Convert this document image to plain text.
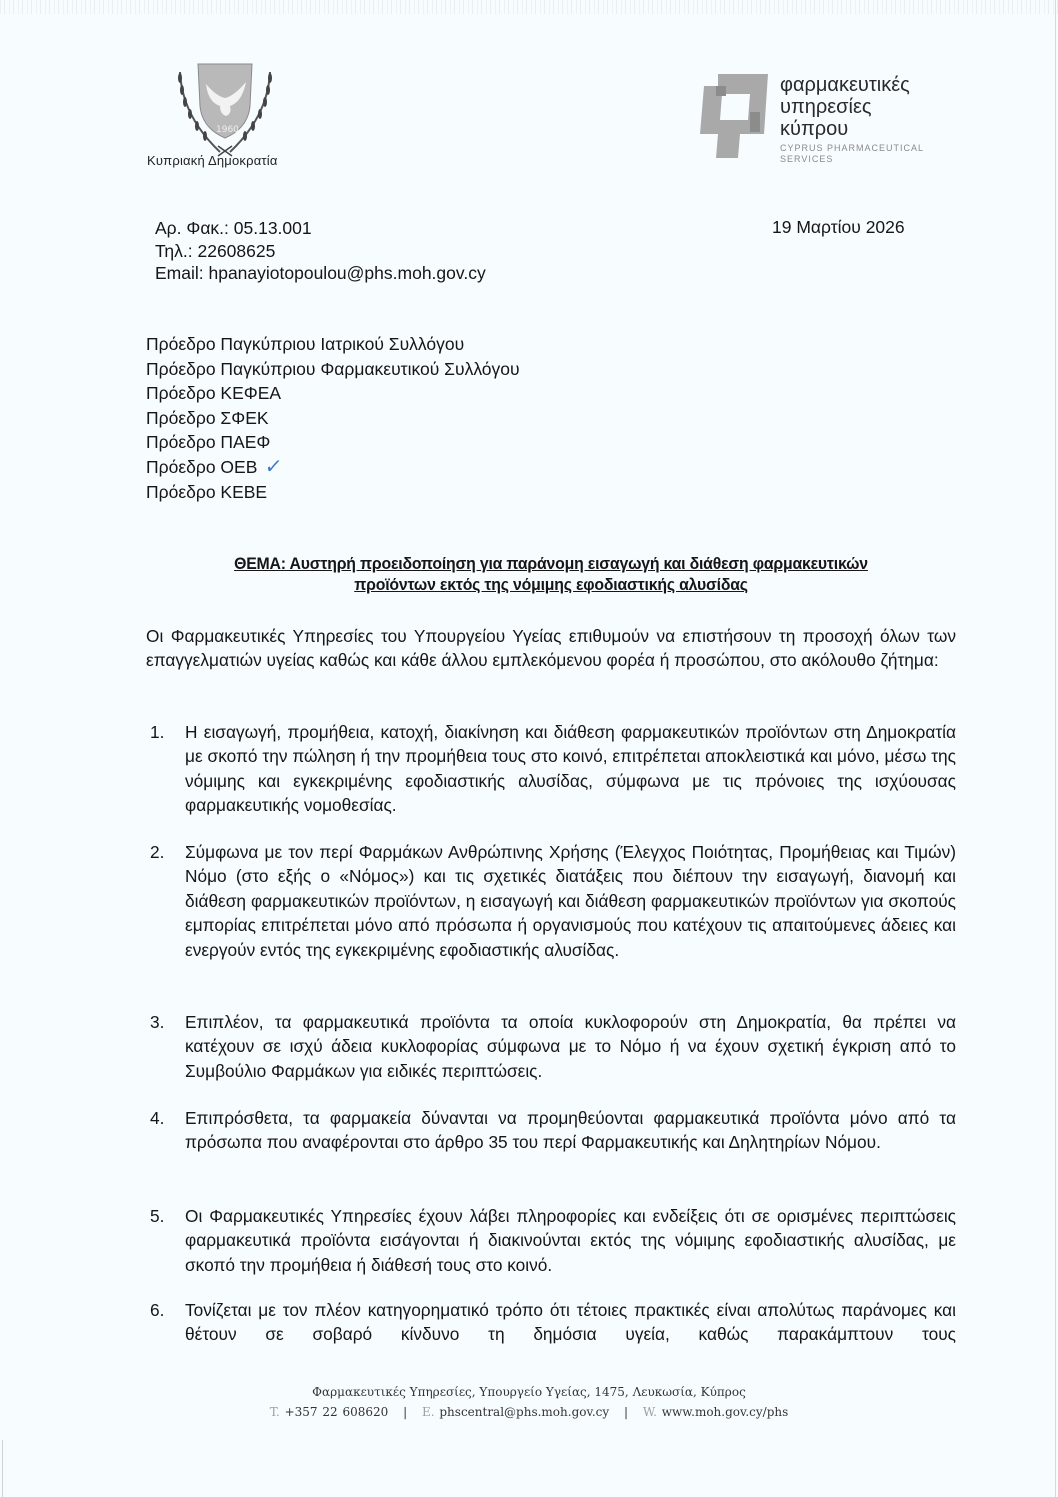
1960
Κυπριακή Δημοκρατία
φαρμακευτικές
υπηρεσίες
κύπρου
CYPRUS PHARMACEUTICAL
SERVICES
Αρ. Φακ.: 05.13.001
Τηλ.: 22608625
Email: hpanayiotopoulou@phs.moh.gov.cy
19 Μαρτίου 2026
Πρόεδρο Παγκύπριου Ιατρικού Συλλόγου
Πρόεδρο Παγκύπριου Φαρμακευτικού Συλλόγου
Πρόεδρο ΚΕΦΕΑ
Πρόεδρο ΣΦΕΚ
Πρόεδρο ΠΑΕΦ
Πρόεδρο ΟΕΒ ✓
Πρόεδρο ΚΕΒΕ
ΘΕΜΑ: Αυστηρή προειδοποίηση για παράνομη εισαγωγή και διάθεση φαρμακευτικών
προϊόντων εκτός της νόμιμης εφοδιαστικής αλυσίδας
Οι Φαρμακευτικές Υπηρεσίες του Υπουργείου Υγείας επιθυμούν να επιστήσουν τη προσοχή όλων των επαγγελματιών υγείας καθώς και κάθε άλλου εμπλεκόμενου φορέα ή προσώπου, στο ακόλουθο ζήτημα:
1.	Η εισαγωγή, προμήθεια, κατοχή, διακίνηση και διάθεση φαρμακευτικών προϊόντων στη Δημοκρατία με σκοπό την πώληση ή την προμήθεια τους στο κοινό, επιτρέπεται αποκλειστικά και μόνο, μέσω της νόμιμης και εγκεκριμένης εφοδιαστικής αλυσίδας, σύμφωνα με τις πρόνοιες της ισχύουσας φαρμακευτικής νομοθεσίας.
2.	Σύμφωνα με τον περί Φαρμάκων Ανθρώπινης Χρήσης (Έλεγχος Ποιότητας, Προμήθειας και Τιμών) Νόμο (στο εξής ο «Νόμος») και τις σχετικές διατάξεις που διέπουν την εισαγωγή, διανομή και διάθεση φαρμακευτικών προϊόντων, η εισαγωγή και διάθεση φαρμακευτικών προϊόντων για σκοπούς εμπορίας επιτρέπεται μόνο από πρόσωπα ή οργανισμούς που κατέχουν τις απαιτούμενες άδειες και ενεργούν εντός της εγκεκριμένης εφοδιαστικής αλυσίδας.
3.	Επιπλέον, τα φαρμακευτικά προϊόντα τα οποία κυκλοφορούν στη Δημοκρατία, θα πρέπει να κατέχουν σε ισχύ άδεια κυκλοφορίας σύμφωνα με το Νόμο ή να έχουν σχετική έγκριση από το Συμβούλιο Φαρμάκων για ειδικές περιπτώσεις.
4.	Επιπρόσθετα, τα φαρμακεία δύνανται να προμηθεύονται φαρμακευτικά προϊόντα μόνο από τα πρόσωπα που αναφέρονται στο άρθρο 35 του περί Φαρμακευτικής και Δηλητηρίων Νόμου.
5.	Οι Φαρμακευτικές Υπηρεσίες έχουν λάβει πληροφορίες και ενδείξεις ότι σε ορισμένες περιπτώσεις φαρμακευτικά προϊόντα εισάγονται ή διακινούνται εκτός της νόμιμης εφοδιαστικής αλυσίδας, με σκοπό την προμήθεια ή διάθεσή τους στο κοινό.
6.	Τονίζεται με τον πλέον κατηγορηματικό τρόπο ότι τέτοιες πρακτικές είναι απολύτως παράνομες και θέτουν σε σοβαρό κίνδυνο τη δημόσια υγεία, καθώς παρακάμπτουν τους
Φαρμακευτικές Υπηρεσίες, Υπουργείο Υγείας, 1475, Λευκωσία, Κύπρος
T. +357 22 608620 | E. phscentral@phs.moh.gov.cy | W. www.moh.gov.cy/phs
